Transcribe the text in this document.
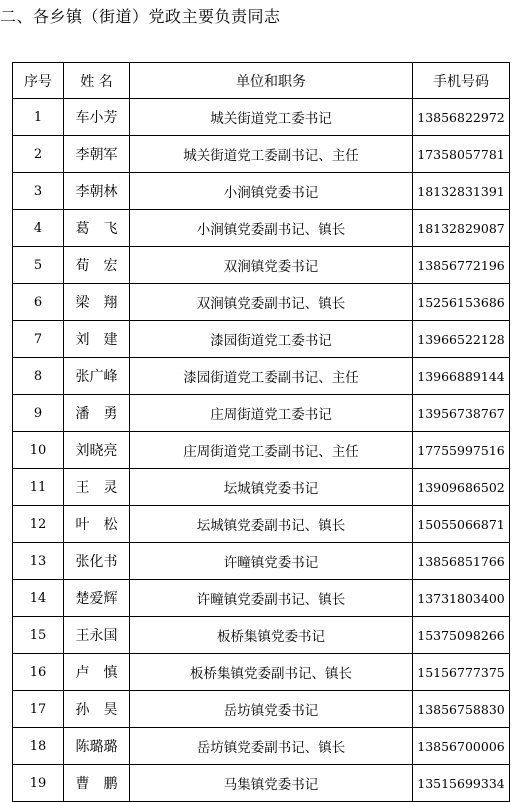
二、各乡镇（街道）党政主要负责同志
序号	姓 名	单位和职务	手机号码
1	车小芳	城关街道党工委书记	13856822972
2	李朝军	城关街道党工委副书记、主任	17358057781
3	李朝林	小涧镇党委书记	18132831391
4	葛　飞	小涧镇党委副书记、镇长	18132829087
5	荀　宏	双涧镇党委书记	13856772196
6	梁　翔	双涧镇党委副书记、镇长	15256153686
7	刘　建	漆园街道党工委书记	13966522128
8	张广峰	漆园街道党工委副书记、主任	13966889144
9	潘　勇	庄周街道党工委书记	13956738767
10	刘晓亮	庄周街道党工委副书记、主任	17755997516
11	王　灵	坛城镇党委书记	13909686502
12	叶　松	坛城镇党委副书记、镇长	15055066871
13	张化书	许疃镇党委书记	13856851766
14	楚爱辉	许疃镇党委副书记、镇长	13731803400
15	王永国	板桥集镇党委书记	15375098266
16	卢　慎	板桥集镇党委副书记、镇长	15156777375
17	孙　昊	岳坊镇党委书记	13856758830
18	陈璐璐	岳坊镇党委副书记、镇长	13856700006
19	曹　鹏	马集镇党委书记	13515699334
